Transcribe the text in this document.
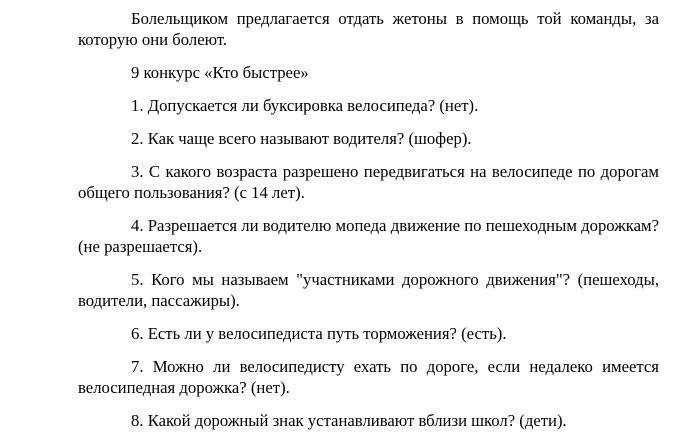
Болельщиком предлагается отдать жетоны в помощь той команды, за которую они болеют.

9 конкурс «Кто быстрее»

1. Допускается ли буксировка велосипеда? (нет).

2. Как чаще всего называют водителя? (шофер).

3. С какого возраста разрешено передвигаться на велосипеде по дорогам общего пользования? (с 14 лет).

4. Разрешается ли водителю мопеда движение по пешеходным дорожкам? (не разрешается).

5. Кого мы называем "участниками дорожного движения"? (пешеходы, водители, пассажиры).

6. Есть ли у велосипедиста путь торможения? (есть).

7. Можно ли велосипедисту ехать по дороге, если недалеко имеется велосипедная дорожка? (нет).

8. Какой дорожный знак устанавливают вблизи школ? (дети).
